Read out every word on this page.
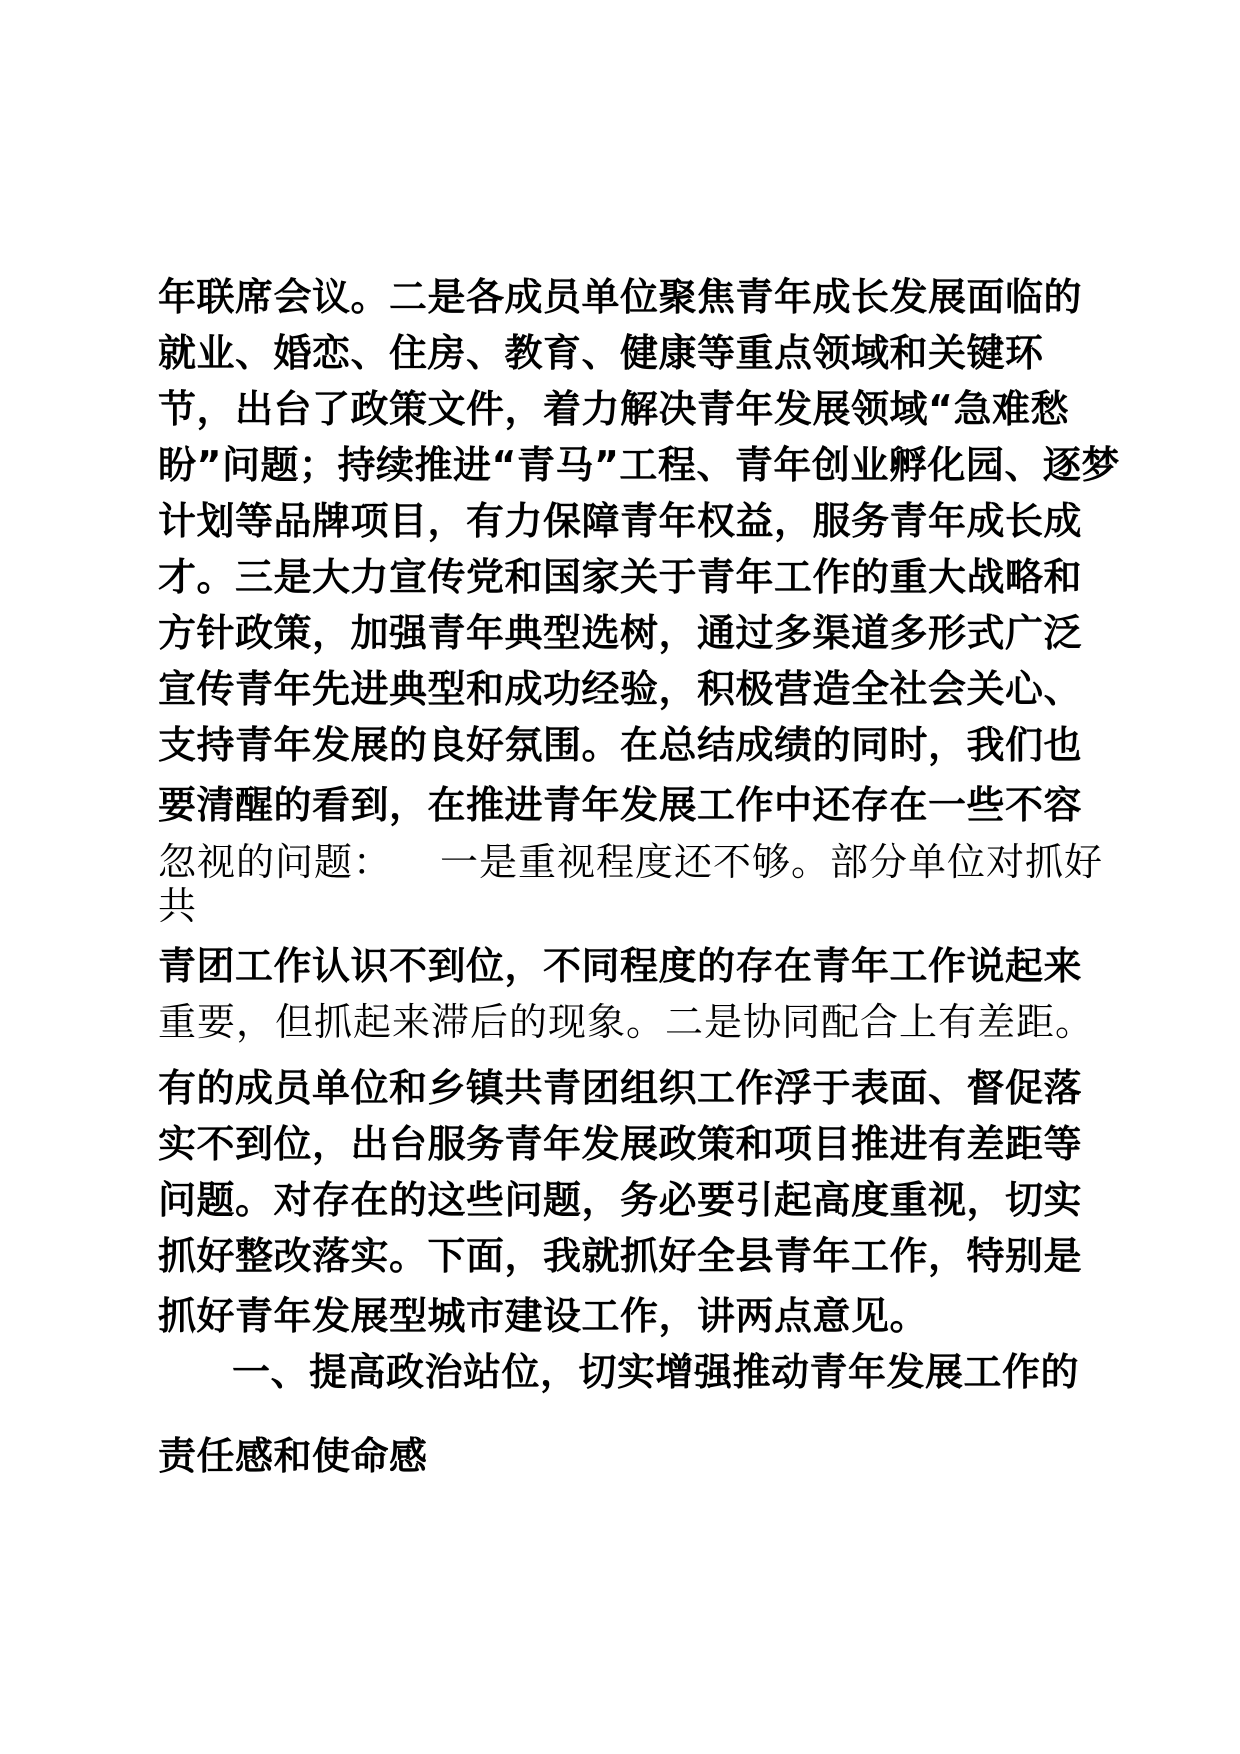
年联席会议。二是各成员单位聚焦青年成长发展面临的
就业、婚恋、住房、教育、健康等重点领域和关键环
节，出台了政策文件，着力解决青年发展领域“急难愁
盼”问题；持续推进“青马”工程、青年创业孵化园、逐梦
计划等品牌项目，有力保障青年权益，服务青年成长成
才。三是大力宣传党和国家关于青年工作的重大战略和
方针政策，加强青年典型选树，通过多渠道多形式广泛
宣传青年先进典型和成功经验，积极营造全社会关心、
支持青年发展的良好氛围。在总结成绩的同时，我们也
要清醒的看到，在推进青年发展工作中还存在一些不容
忽视的问题： 一是重视程度还不够。部分单位对抓好
共
青团工作认识不到位，不同程度的存在青年工作说起来
重要，但抓起来滞后的现象。二是协同配合上有差距。
有的成员单位和乡镇共青团组织工作浮于表面、督促落
实不到位，出台服务青年发展政策和项目推进有差距等
问题。对存在的这些问题，务必要引起高度重视，切实
抓好整改落实。下面，我就抓好全县青年工作，特别是
抓好青年发展型城市建设工作，讲两点意见。
一、提高政治站位，切实增强推动青年发展工作的
责任感和使命感
